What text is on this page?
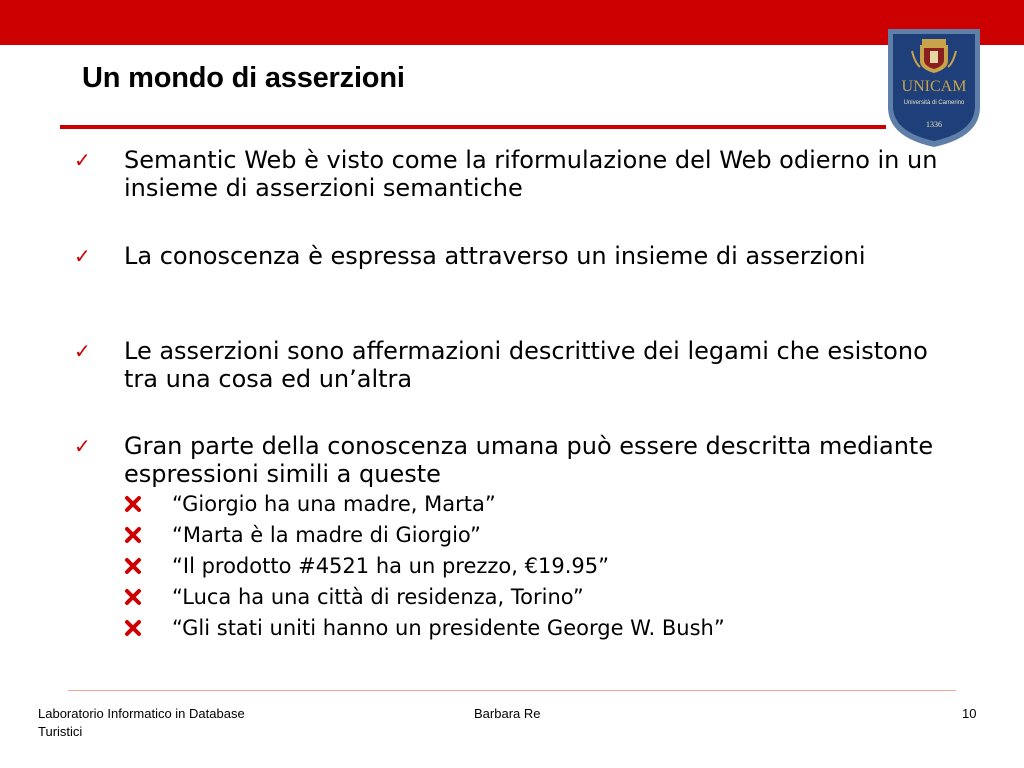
Un mondo di asserzioni	UNICAM
Università di Camerino
1336
✓ Semantic Web è visto come la riformulazione del Web odierno in un insieme di asserzioni semantiche
✓ La conoscenza è espressa attraverso un insieme di asserzioni
✓ Le asserzioni sono affermazioni descrittive dei legami che esistono tra una cosa ed un’altra
✓ Gran parte della conoscenza umana può essere descritta mediante espressioni simili a queste
“Giorgio ha una madre, Marta”
“Marta è la madre di Giorgio”
“Il prodotto #4521 ha un prezzo, €19.95”
“Luca ha una città di residenza, Torino”
“Gli stati uniti hanno un presidente George W. Bush”
Laboratorio Informatico in Database Turistici
Barbara Re	10
